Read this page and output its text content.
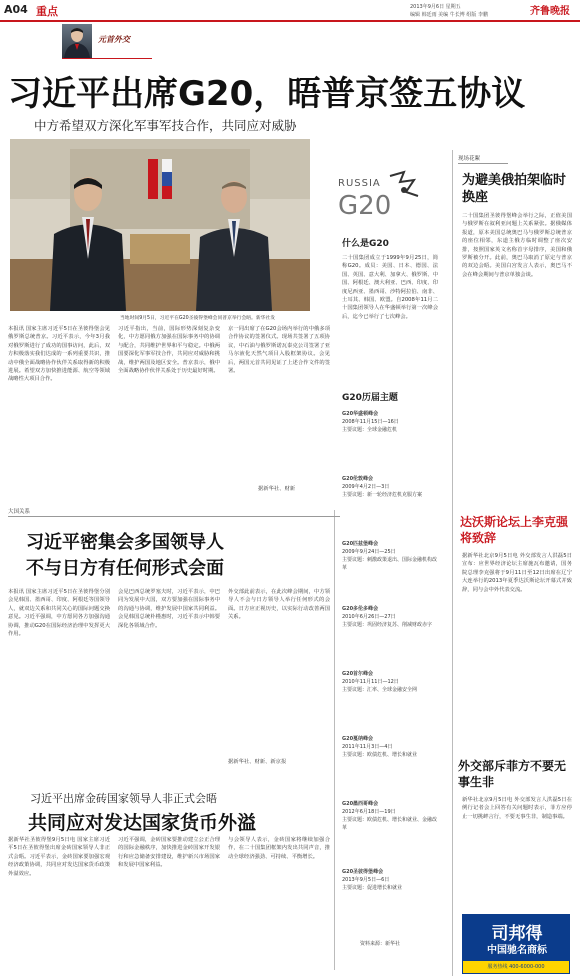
A04 重点	2013年9月6日 星期五
编辑 韩廷雨 美编 牛长博 组版 李鹏	齐鲁晚报
元首外交
习近平出席G20，晤普京签五协议
中方希望双方深化军事军技合作，共同应对威胁
当地时间9月5日，习近平在G20圣彼得堡峰会同普京举行会晤。新华社发
本报讯 国家主席习近平5日在圣彼得堡会见俄罗斯总统普京。习近平表示，今年3月我对俄罗斯进行了成功的国事访问，此后，双方积极落实我们达成的一系列重要共识，推动中俄全面战略协作伙伴关系取得新的积极进展。希望双方加快推进能源、航空等领域战略性大项目合作。
习近平指出，当前，国际形势深刻复杂变化，中方愿同俄方加强在国际事务中的协调与配合，共同维护世界和平与稳定。中俄两国要深化军事军技合作，共同应对威胁和挑战，维护两国及地区安全。普京表示，俄中全面战略协作伙伴关系处于历史最好时期。
京一同出席了在G20会场内举行的中俄多项合作协议的签署仪式。现场共签署了五项协议，中石油与俄罗斯诺瓦泰克公司签署了亚马尔液化天然气项目入股框架协议。会见后，两国元首共同见证了上述合作文件的签署。
据新华社、财新
RUSSIA
G20
什么是G20
二十国集团成立于1999年9月25日，简称G20。成员：美国、日本、德国、法国、英国、意大利、加拿大、俄罗斯、中国、阿根廷、澳大利亚、巴西、印度、印度尼西亚、墨西哥、沙特阿拉伯、南非、土耳其、韩国、欧盟。自2008年11月二十国集团领导人在华盛顿举行第一次峰会后，迄今已举行了七次峰会。
G20历届主题
G20华盛顿峰会
2008年11月15日—16日
主要议题：全球金融危机
G20伦敦峰会
2009年4月2日—3日
主要议题：新一轮经济危机克服方案
G20匹兹堡峰会
2009年9月24日—25日
主要议题：刺激政策退出、国际金融机构改革
G20多伦多峰会
2010年6月26日—27日
主要议题：巩固经济复苏、削减财政赤字
G20首尔峰会
2010年11月11日—12日
主要议题：汇率、全球金融安全网
G20戛纳峰会
2011年11月3日—4日
主要议题：欧债危机、增长和就业
G20墨西哥峰会
2012年6月18日—19日
主要议题：欧债危机、增长和就业、金融改革
G20圣彼得堡峰会
2013年9月5日—6日
主要议题：促进增长和就业
资料来源：新华社
现场花絮
为避美俄拍架临时换座
二十国集团圣彼得堡峰会举行之际，正值美国与俄罗斯在叙利亚问题上关系紧张。据俄媒体报道，原本美国总统奥巴马与俄罗斯总统普京的座位相邻，东道主俄方临时调整了座次安排，按照国家英文名称首字母排序，美国和俄罗斯被分开。此前，奥巴马取消了原定与普京的双边会晤。美国白宫发言人表示，奥巴马不会在峰会期间与普京单独会谈。
达沃斯论坛上李克强将致辞
据新华社北京9月5日电 外交部发言人洪磊5日宣布：应世界经济论坛主席施瓦布邀请，国务院总理李克强将于9月11日至12日出席在辽宁大连举行的2013年夏季达沃斯论坛开幕式并致辞，同与会中外代表交流。
外交部斥菲方不要无事生非
新华社北京9月5日电 外交部发言人洪磊5日在例行记者会上回答有关问题时表示，菲方应停止一切挑衅言行，不要无事生非，制造事端。
司邦得
中国驰名商标
服务热线 400-6000-000
大国关系
习近平密集会多国领导人
不与日方有任何形式会面
本报讯 国家主席习近平5日在圣彼得堡分别会见韩国、墨西哥、印度、阿根廷等国领导人，就双边关系和共同关心的国际问题交换意见。习近平强调，中方愿同各方加强沟通协调，推动G20在国际经济治理中发挥更大作用。
会见巴西总统罗塞夫时，习近平表示，中巴同为发展中大国，双方要加强在国际事务中的沟通与协调，维护发展中国家共同利益。会见韩国总统朴槿惠时，习近平表示中韩要深化各领域合作。
外交部此前表示，在此次峰会期间，中方领导人不会与日方领导人举行任何形式的会面。日方应正视历史，以实际行动改善两国关系。
据新华社、财新、新京报
习近平出席金砖国家领导人非正式会晤
共同应对发达国家货币外溢
据新华社圣彼得堡9月5日电 国家主席习近平5日在圣彼得堡出席金砖国家领导人非正式会晤。习近平表示，金砖国家要加强宏观经济政策协调，共同应对发达国家货币政策外溢效应。
习近平强调，金砖国家要推动建立公正合理的国际金融秩序，加快推进金砖国家开发银行和应急储备安排建设，维护新兴市场国家和发展中国家利益。
与会领导人表示，金砖国家将继续加强合作，在二十国集团框架内发出共同声音，推动全球经济强劲、可持续、平衡增长。
